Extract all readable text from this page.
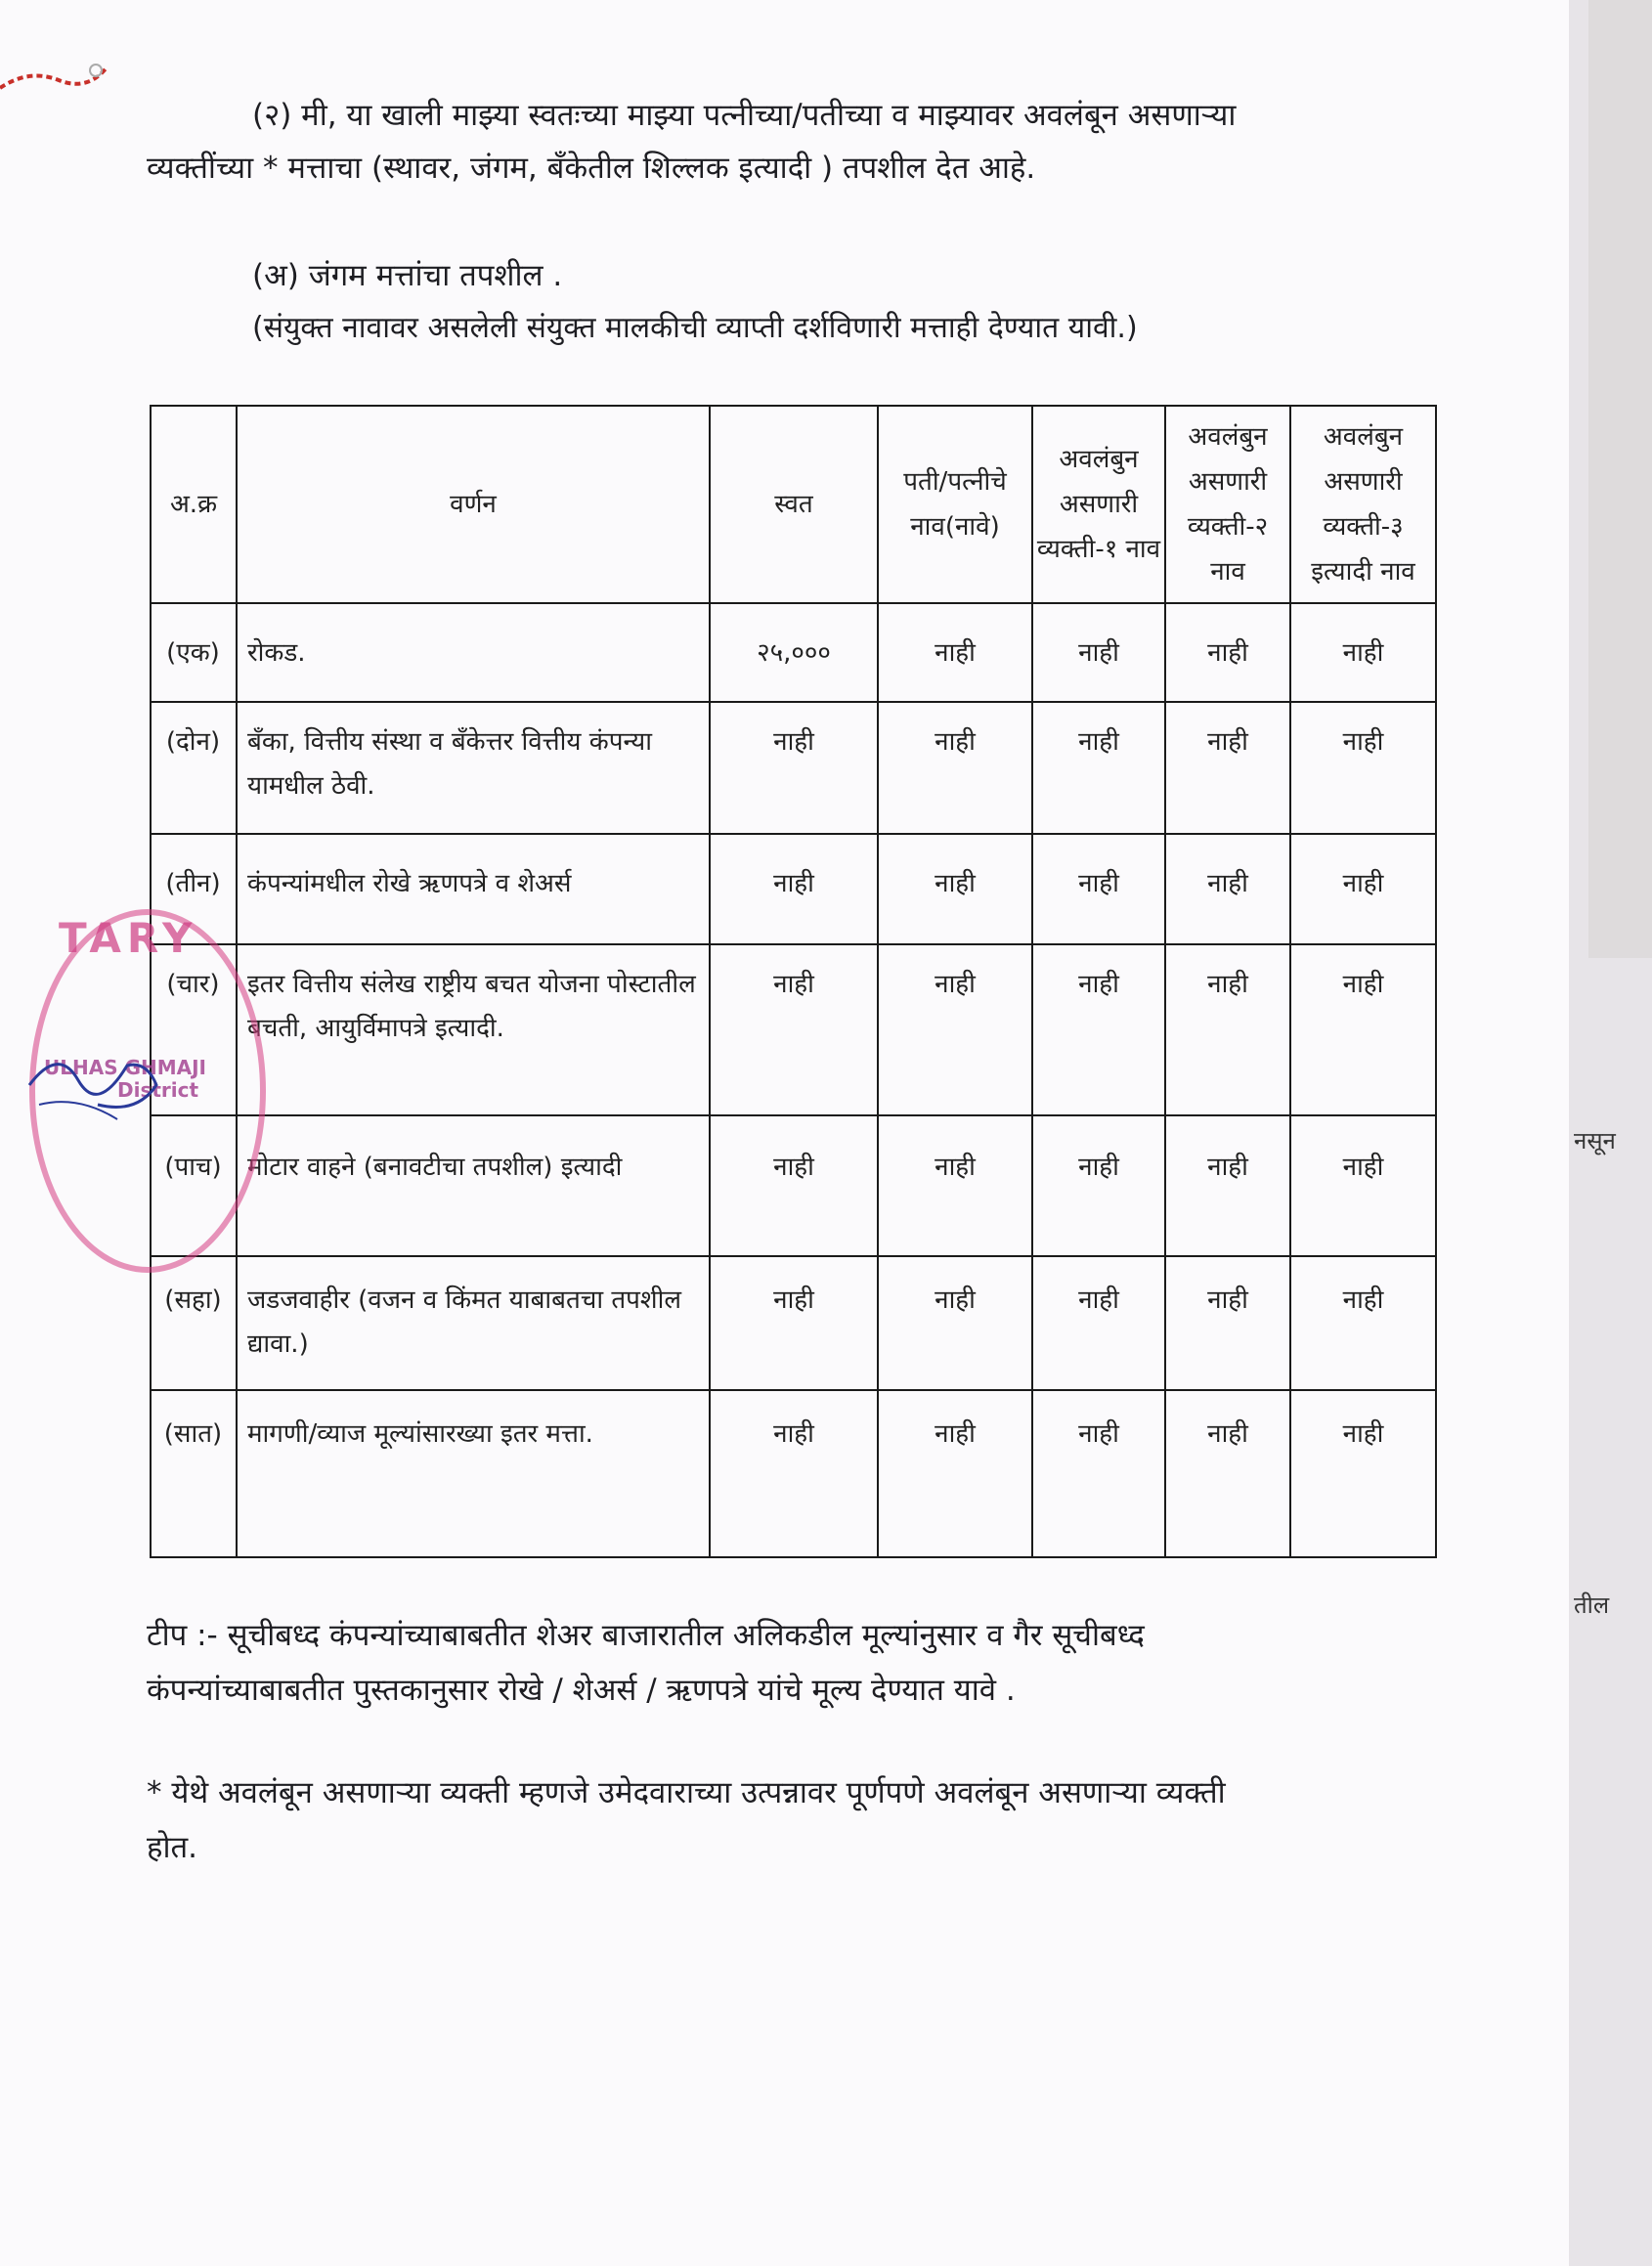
नसून
तील
(२) मी, या खाली माझ्या स्वतःच्या माझ्या पत्नीच्या/पतीच्या व माझ्यावर अवलंबून असणाऱ्या
व्यक्तींच्या * मत्ताचा (स्थावर, जंगम, बँकेतील शिल्लक इत्यादी ) तपशील देत आहे.
(अ) जंगम मत्तांचा तपशील .
(संयुक्त नावावर असलेली संयुक्त मालकीची व्याप्ती दर्शविणारी मत्ताही देण्यात यावी.)
अ.क्र	वर्णन	स्वत	पती/पत्नीचे नाव(नावे)	अवलंबुन असणारी व्यक्ती-१ नाव	अवलंबुन असणारी व्यक्ती-२ नाव	अवलंबुन असणारी व्यक्ती-३ इत्यादी नाव
(एक)	रोकड.	२५,०००	नाही	नाही	नाही	नाही
(दोन)	बँका, वित्तीय संस्था व बँकेत्तर वित्तीय कंपन्या यामधील ठेवी.	नाही	नाही	नाही	नाही	नाही
(तीन)	कंपन्यांमधील रोखे ऋणपत्रे व शेअर्स	नाही	नाही	नाही	नाही	नाही
(चार)	इतर वित्तीय संलेख राष्ट्रीय बचत योजना पोस्टातील बचती, आयुर्विमापत्रे इत्यादी.	नाही	नाही	नाही	नाही	नाही
(पाच)	मोटार वाहने (बनावटीचा तपशील) इत्यादी	नाही	नाही	नाही	नाही	नाही
(सहा)	जडजवाहीर (वजन व किंमत याबाबतचा तपशील द्यावा.)	नाही	नाही	नाही	नाही	नाही
(सात)	मागणी/व्याज मूल्यांसारख्या इतर मत्ता.	नाही	नाही	नाही	नाही	नाही
TARY
ULHAS GHMAJI
District
टीप :- सूचीबध्द कंपन्यांच्याबाबतीत शेअर बाजारातील अलिकडील मूल्यांनुसार व गैर सूचीबध्द
कंपन्यांच्याबाबतीत पुस्तकानुसार रोखे / शेअर्स / ऋणपत्रे यांचे मूल्य देण्यात यावे .
* येथे अवलंबून असणाऱ्या व्यक्ती म्हणजे उमेदवाराच्या उत्पन्नावर पूर्णपणे अवलंबून असणाऱ्या व्यक्ती
होत.
